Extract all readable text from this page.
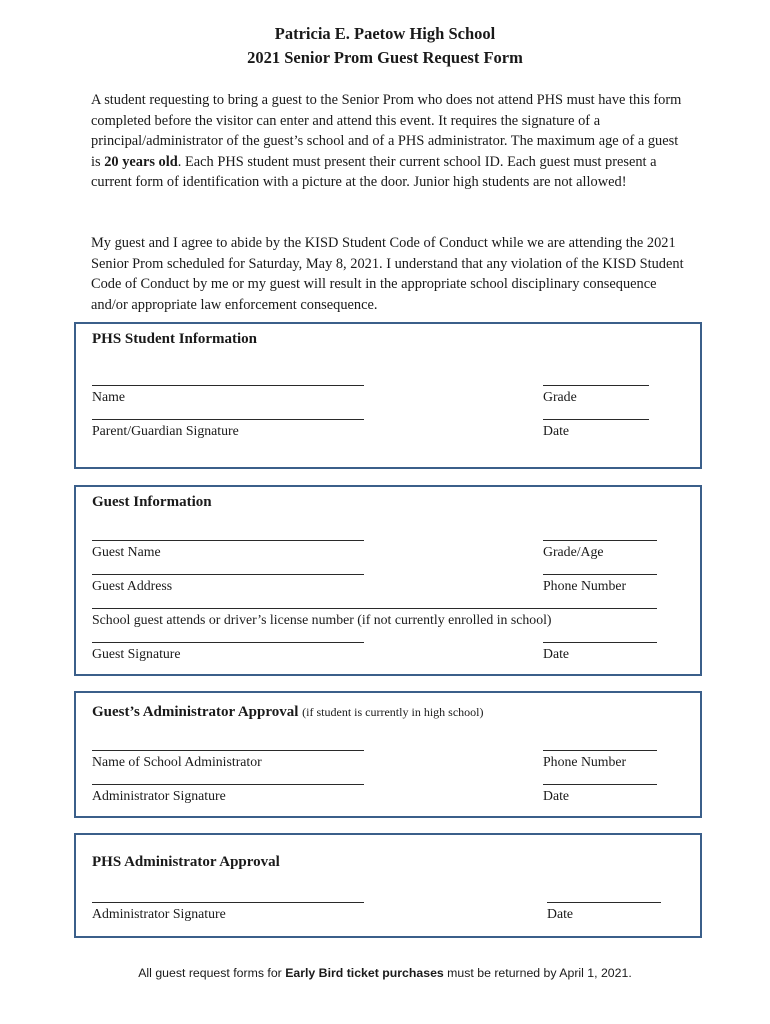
Patricia E. Paetow High School
2021 Senior Prom Guest Request Form

A student requesting to bring a guest to the Senior Prom who does not attend PHS must have this form completed before the visitor can enter and attend this event. It requires the signature of a principal/administrator of the guest’s school and of a PHS administrator. The maximum age of a guest is 20 years old. Each PHS student must present their current school ID. Each guest must present a current form of identification with a picture at the door. Junior high students are not allowed!

My guest and I agree to abide by the KISD Student Code of Conduct while we are attending the 2021 Senior Prom scheduled for Saturday, May 8, 2021. I understand that any violation of the KISD Student Code of Conduct by me or my guest will result in the appropriate school disciplinary consequence and/or appropriate law enforcement consequence.

PHS Student Information

Name	Grade
Parent/Guardian Signature	Date

Guest Information

Guest Name	Grade/Age
Guest Address	Phone Number
School guest attends or driver’s license number (if not currently enrolled in school)
Guest Signature	Date

Guest’s Administrator Approval (if student is currently in high school)

Name of School Administrator	Phone Number
Administrator Signature	Date

PHS Administrator Approval

Administrator Signature	Date
All guest request forms for Early Bird ticket purchases must be returned by April 1, 2021.
